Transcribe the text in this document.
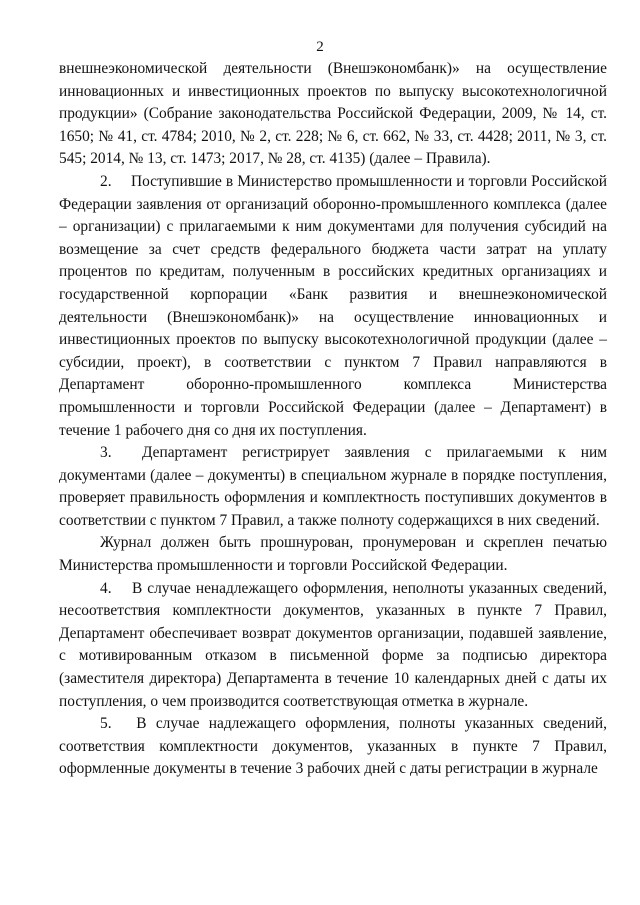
2

внешнеэкономической деятельности (Внешэкономбанк)» на осуществление инновационных и инвестиционных проектов по выпуску высокотехнологичной продукции» (Собрание законодательства Российской Федерации, 2009, № 14, ст. 1650; № 41, ст. 4784; 2010, № 2, ст. 228; № 6, ст. 662, № 33, ст. 4428; 2011, № 3, ст. 545; 2014, № 13, ст. 1473; 2017, № 28, ст. 4135) (далее – Правила).

2.  Поступившие в Министерство промышленности и торговли Российской Федерации заявления от организаций оборонно-промышленного комплекса (далее – организации) с прилагаемыми к ним документами для получения субсидий на возмещение за счет средств федерального бюджета части затрат на уплату процентов по кредитам, полученным в российских кредитных организациях и государственной корпорации «Банк развития и внешнеэкономической деятельности (Внешэкономбанк)» на осуществление инновационных и инвестиционных проектов по выпуску высокотехнологичной продукции (далее – субсидии, проект), в соответствии с пунктом 7 Правил направляются в Департамент оборонно-промышленного комплекса Министерства промышленности и торговли Российской Федерации (далее – Департамент) в течение 1 рабочего дня со дня их поступления.

3.  Департамент регистрирует заявления с прилагаемыми к ним документами (далее – документы) в специальном журнале в порядке поступления, проверяет правильность оформления и комплектность поступивших документов в соответствии с пунктом 7 Правил, а также полноту содержащихся в них сведений.

Журнал должен быть прошнурован, пронумерован и скреплен печатью Министерства промышленности и торговли Российской Федерации.

4.  В случае ненадлежащего оформления, неполноты указанных сведений, несоответствия комплектности документов, указанных в пункте 7 Правил, Департамент обеспечивает возврат документов организации, подавшей заявление, с мотивированным отказом в письменной форме за подписью директора (заместителя директора) Департамента в течение 10 календарных дней с даты их поступления, о чем производится соответствующая отметка в журнале.

5.  В случае надлежащего оформления, полноты указанных сведений, соответствия комплектности документов, указанных в пункте 7 Правил, оформленные документы в течение 3 рабочих дней с даты регистрации в журнале
